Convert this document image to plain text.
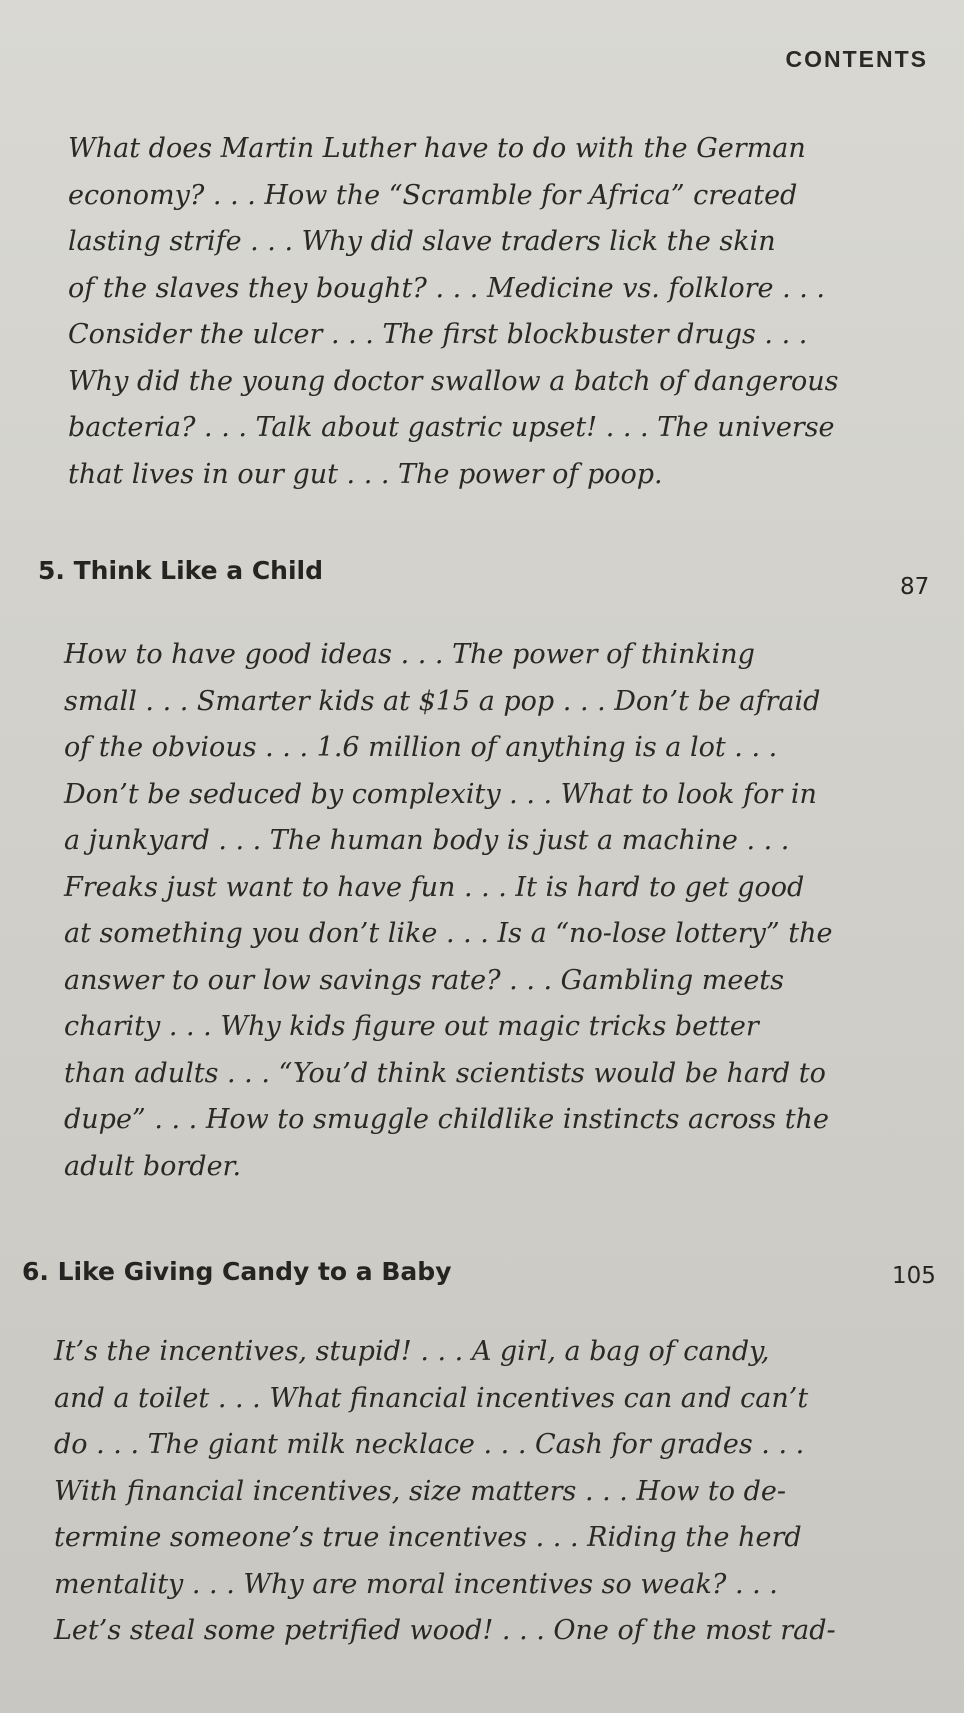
CONTENTS
What does Martin Luther have to do with the German
economy? . . . How the “Scramble for Africa” created
lasting strife . . . Why did slave traders lick the skin
of the slaves they bought? . . . Medicine vs. folklore . . .
Consider the ulcer . . . The first blockbuster drugs . . .
Why did the young doctor swallow a batch of dangerous
bacteria? . . . Talk about gastric upset! . . . The universe
that lives in our gut . . . The power of poop.
5. Think Like a Child
87
How to have good ideas . . . The power of thinking
small . . . Smarter kids at $15 a pop . . . Don’t be afraid
of the obvious . . . 1.6 million of anything is a lot . . .
Don’t be seduced by complexity . . . What to look for in
a junkyard . . . The human body is just a machine . . .
Freaks just want to have fun . . . It is hard to get good
at something you don’t like . . . Is a “no-lose lottery” the
answer to our low savings rate? . . . Gambling meets
charity . . . Why kids figure out magic tricks better
than adults . . . “You’d think scientists would be hard to
dupe” . . . How to smuggle childlike instincts across the
adult border.
6. Like Giving Candy to a Baby	105
It’s the incentives, stupid! . . . A girl, a bag of candy,
and a toilet . . . What financial incentives can and can’t
do . . . The giant milk necklace . . . Cash for grades . . .
With financial incentives, size matters . . . How to de-
termine someone’s true incentives . . . Riding the herd
mentality . . . Why are moral incentives so weak? . . .
Let’s steal some petrified wood! . . . One of the most rad-
